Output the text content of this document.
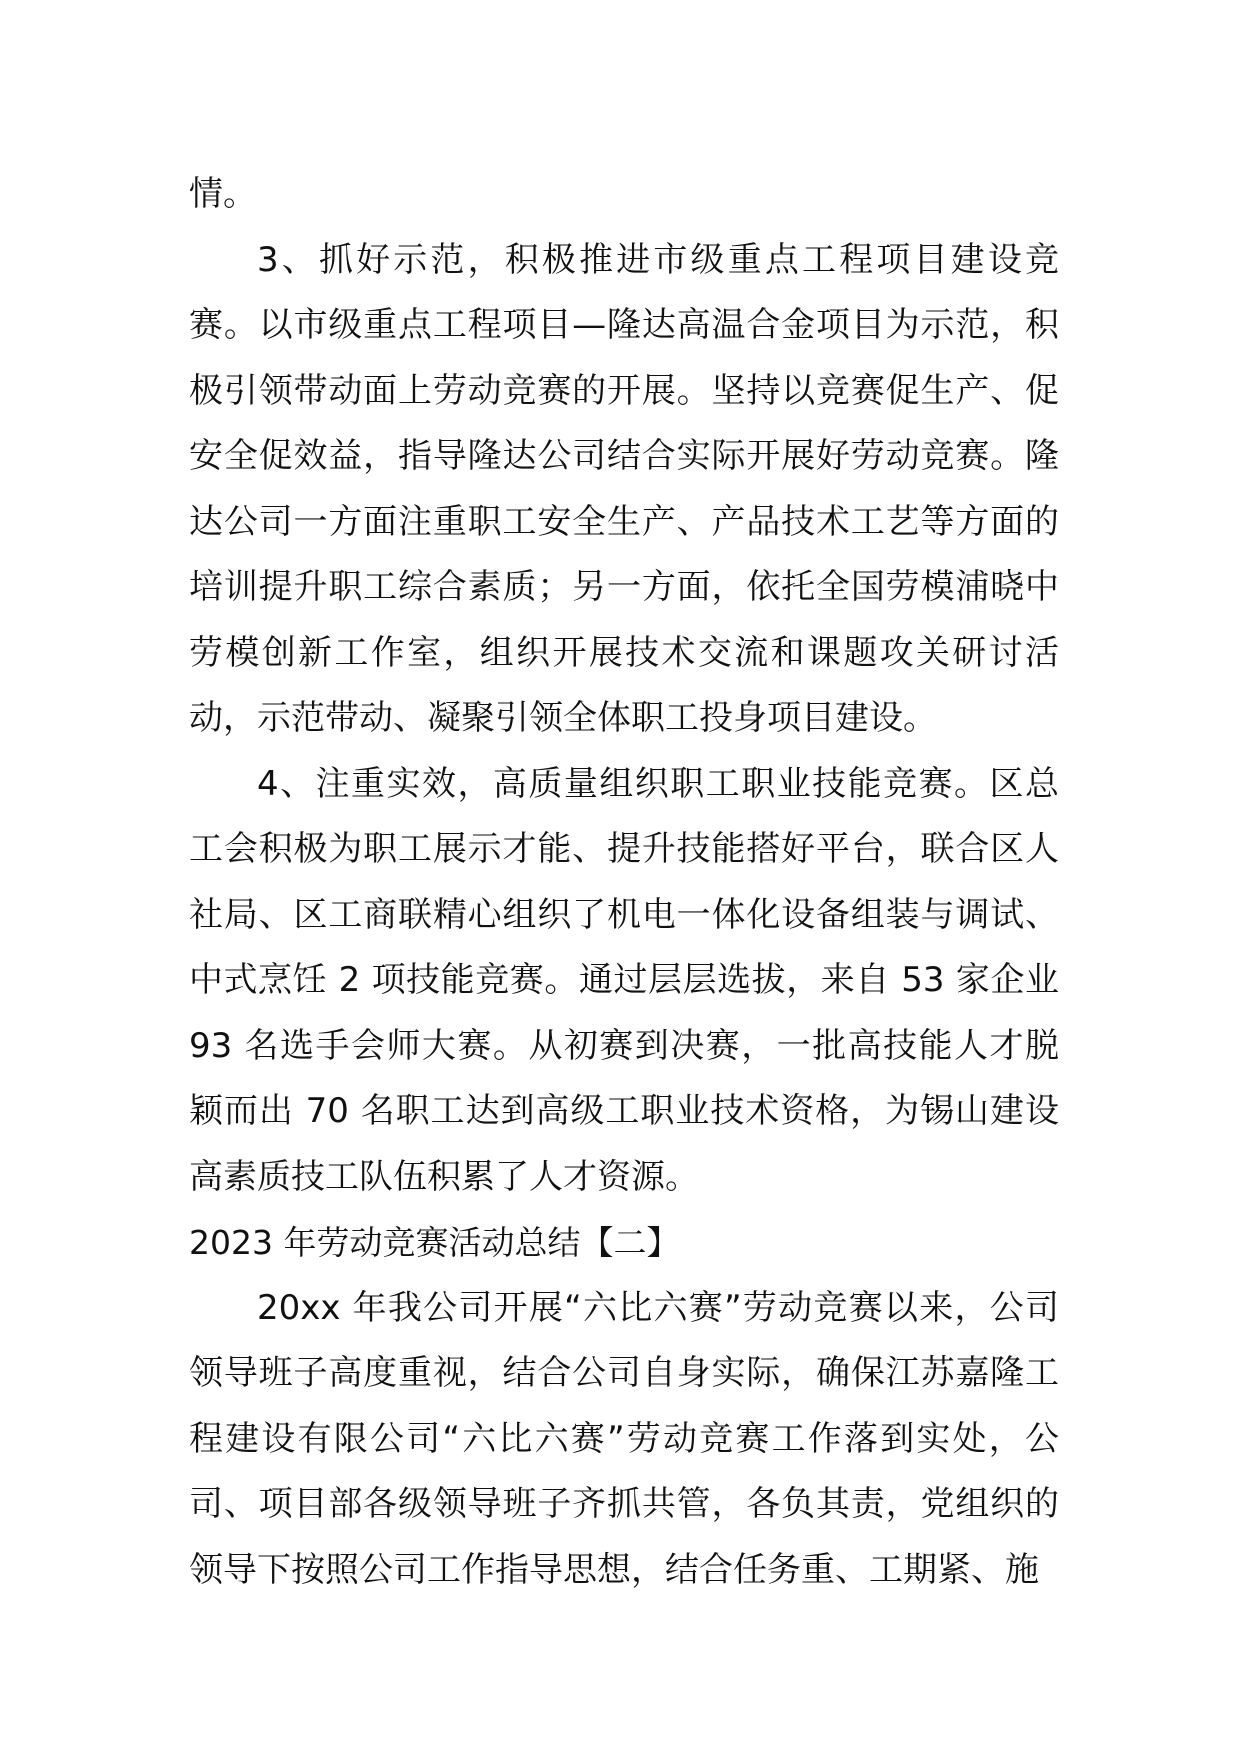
情。

3、抓好示范，积极推进市级重点工程项目建设竞赛。以市级重点工程项目—隆达高温合金项目为示范，积极引领带动面上劳动竞赛的开展。坚持以竞赛促生产、促安全促效益，指导隆达公司结合实际开展好劳动竞赛。隆达公司一方面注重职工安全生产、产品技术工艺等方面的培训提升职工综合素质；另一方面，依托全国劳模浦晓中劳模创新工作室，组织开展技术交流和课题攻关研讨活动，示范带动、凝聚引领全体职工投身项目建设。

4、注重实效，高质量组织职工职业技能竞赛。区总工会积极为职工展示才能、提升技能搭好平台，联合区人社局、区工商联精心组织了机电一体化设备组装与调试、中式烹饪 2 项技能竞赛。通过层层选拔，来自 53 家企业 93 名选手会师大赛。从初赛到决赛，一批高技能人才脱颖而出 70 名职工达到高级工职业技术资格，为锡山建设高素质技工队伍积累了人才资源。

2023 年劳动竞赛活动总结【二】

20xx 年我公司开展“六比六赛”劳动竞赛以来，公司领导班子高度重视，结合公司自身实际，确保江苏嘉隆工程建设有限公司“六比六赛”劳动竞赛工作落到实处，公司、项目部各级领导班子齐抓共管，各负其责，党组织的领导下按照公司工作指导思想，结合任务重、工期紧、施
